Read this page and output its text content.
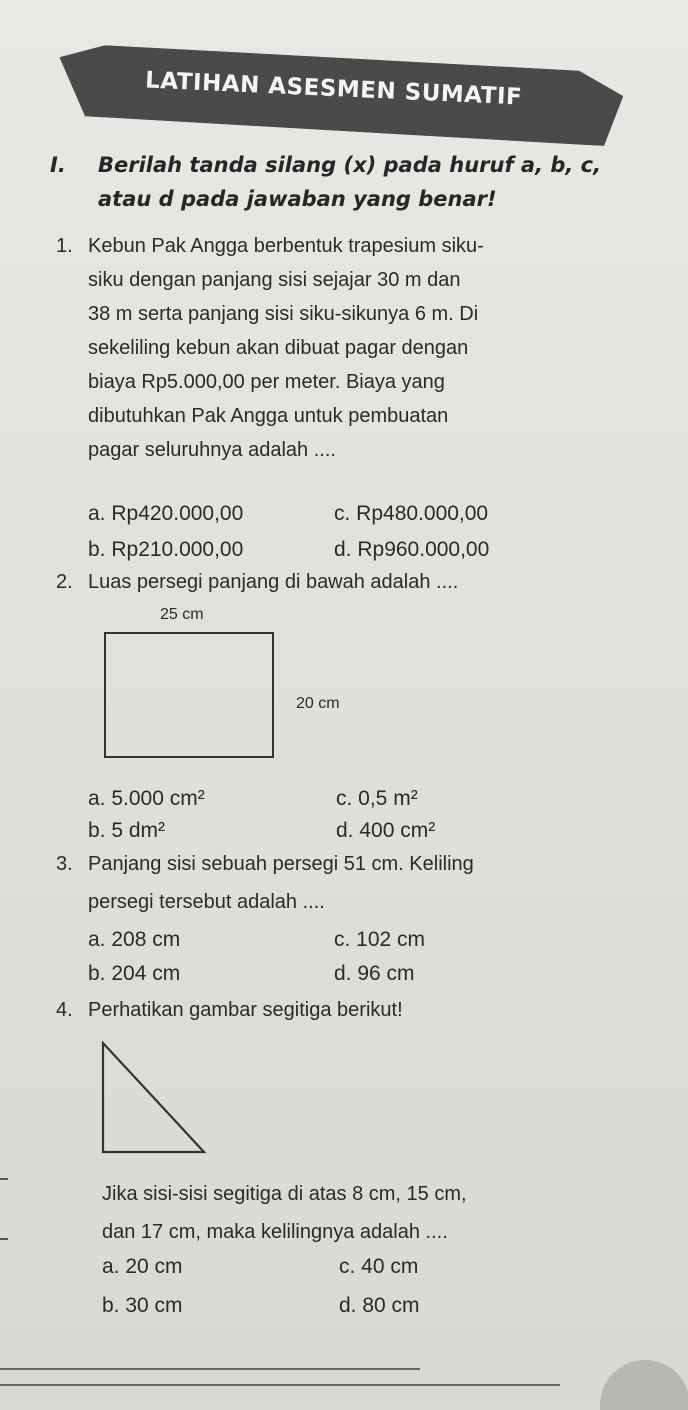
LATIHAN ASESMEN SUMATIF
I. Berilah tanda silang (x) pada huruf a, b, c,
atau d pada jawaban yang benar!
1. Kebun Pak Angga berbentuk trapesium siku-
siku dengan panjang sisi sejajar 30 m dan
38 m serta panjang sisi siku-sikunya 6 m. Di
sekeliling kebun akan dibuat pagar dengan
biaya Rp5.000,00 per meter. Biaya yang
dibutuhkan Pak Angga untuk pembuatan
pagar seluruhnya adalah ....
a. Rp420.000,00	c. Rp480.000,00
b. Rp210.000,00	d. Rp960.000,00
2. Luas persegi panjang di bawah adalah ....
25 cm
20 cm
a. 5.000 cm²	c. 0,5 m²
b. 5 dm²	d. 400 cm²
3. Panjang sisi sebuah persegi 51 cm. Keliling
persegi tersebut adalah ....
a. 208 cm	c. 102 cm
b. 204 cm	d. 96 cm
4. Perhatikan gambar segitiga berikut!
Jika sisi-sisi segitiga di atas 8 cm, 15 cm,
dan 17 cm, maka kelilingnya adalah ....
a. 20 cm	c. 40 cm
b. 30 cm	d. 80 cm
